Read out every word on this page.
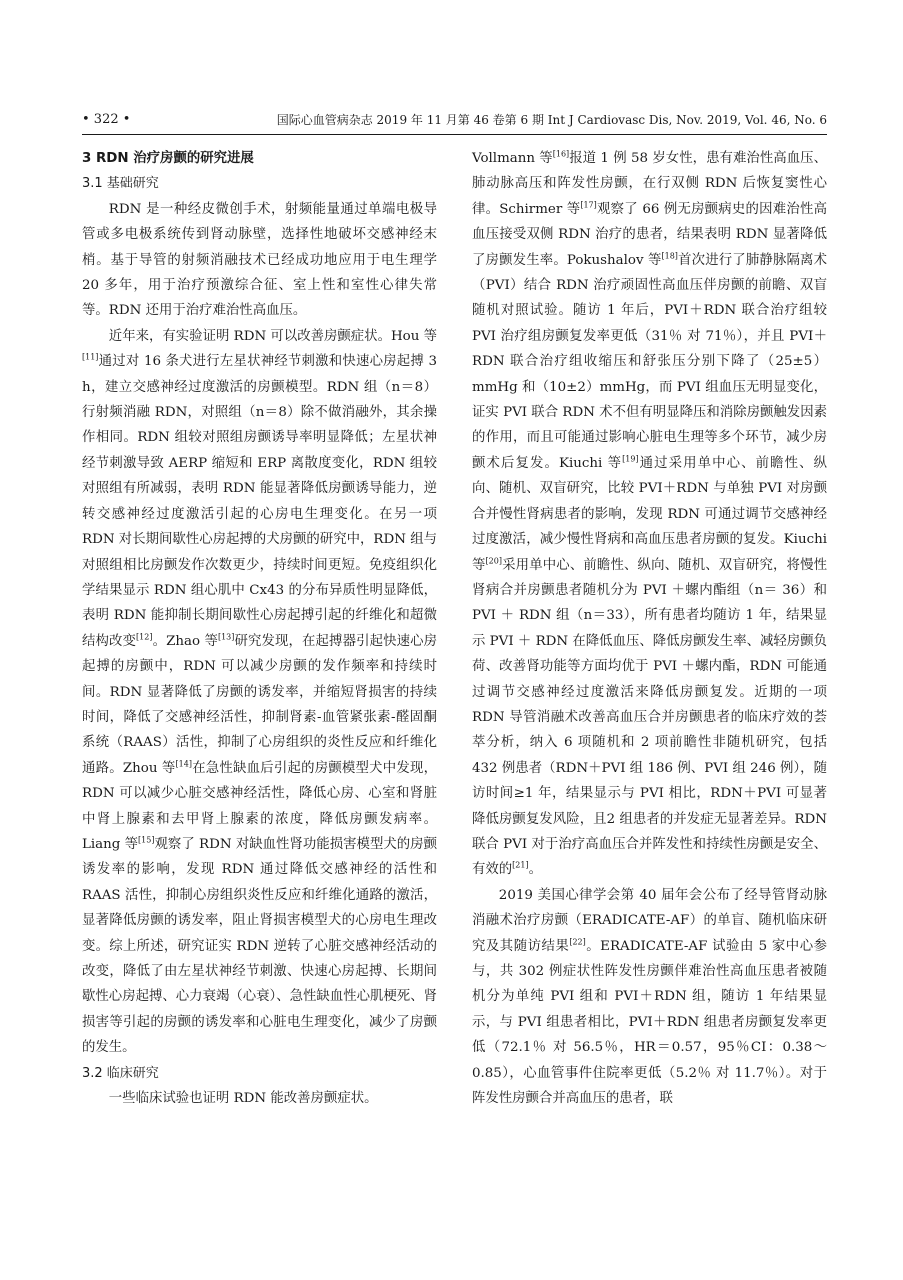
• 322 •	国际心血管病杂志 2019 年 11 月第 46 卷第 6 期 Int J Cardiovasc Dis, Nov. 2019, Vol. 46, No. 6
3 RDN 治疗房颤的研究进展
3.1 基础研究

RDN 是一种经皮微创手术，射频能量通过单端电极导管或多电极系统传到肾动脉壁，选择性地破坏交感神经末梢。基于导管的射频消融技术已经成功地应用于电生理学 20 多年，用于治疗预激综合征、室上性和室性心律失常等。RDN 还用于治疗难治性高血压。

近年来，有实验证明 RDN 可以改善房颤症状。Hou 等[11]通过对 16 条犬进行左星状神经节刺激和快速心房起搏 3 h，建立交感神经过度激活的房颤模型。RDN 组（n＝8）行射频消融 RDN，对照组（n＝8）除不做消融外，其余操作相同。RDN 组较对照组房颤诱导率明显降低；左星状神经节刺激导致 AERP 缩短和 ERP 离散度变化，RDN 组较对照组有所减弱，表明 RDN 能显著降低房颤诱导能力，逆转交感神经过度激活引起的心房电生理变化。在另一项 RDN 对长期间歇性心房起搏的犬房颤的研究中，RDN 组与对照组相比房颤发作次数更少，持续时间更短。免疫组织化学结果显示 RDN 组心肌中 Cx43 的分布异质性明显降低，表明 RDN 能抑制长期间歇性心房起搏引起的纤维化和超微结构改变[12]。Zhao 等[13]研究发现，在起搏器引起快速心房起搏的房颤中，RDN 可以减少房颤的发作频率和持续时间。RDN 显著降低了房颤的诱发率，并缩短肾损害的持续时间，降低了交感神经活性，抑制肾素-血管紧张素-醛固酮系统（RAAS）活性，抑制了心房组织的炎性反应和纤维化通路。Zhou 等[14]在急性缺血后引起的房颤模型犬中发现，RDN 可以减少心脏交感神经活性，降低心房、心室和肾脏中肾上腺素和去甲肾上腺素的浓度，降低房颤发病率。Liang 等[15]观察了 RDN 对缺血性肾功能损害模型犬的房颤诱发率的影响，发现 RDN 通过降低交感神经的活性和 RAAS 活性，抑制心房组织炎性反应和纤维化通路的激活，显著降低房颤的诱发率，阻止肾损害模型犬的心房电生理改变。综上所述，研究证实 RDN 逆转了心脏交感神经活动的改变，降低了由左星状神经节刺激、快速心房起搏、长期间歇性心房起搏、心力衰竭（心衰）、急性缺血性心肌梗死、肾损害等引起的房颤的诱发率和心脏电生理变化，减少了房颤的发生。

3.2 临床研究

一些临床试验也证明 RDN 能改善房颤症状。

Vollmann 等[16]报道 1 例 58 岁女性，患有难治性高血压、肺动脉高压和阵发性房颤，在行双侧 RDN 后恢复窦性心律。Schirmer 等[17]观察了 66 例无房颤病史的因难治性高血压接受双侧 RDN 治疗的患者，结果表明 RDN 显著降低了房颤发生率。Pokushalov 等[18]首次进行了肺静脉隔离术（PVI）结合 RDN 治疗顽固性高血压伴房颤的前瞻、双盲随机对照试验。随访 1 年后，PVI＋RDN 联合治疗组较 PVI 治疗组房颤复发率更低（31％ 对 71％），并且 PVI＋RDN 联合治疗组收缩压和舒张压分别下降了（25±5）mmHg 和（10±2）mmHg，而 PVI 组血压无明显变化，证实 PVI 联合 RDN 术不但有明显降压和消除房颤触发因素的作用，而且可能通过影响心脏电生理等多个环节，减少房颤术后复发。Kiuchi 等[19]通过采用单中心、前瞻性、纵向、随机、双盲研究，比较 PVI＋RDN 与单独 PVI 对房颤合并慢性肾病患者的影响，发现 RDN 可通过调节交感神经过度激活，减少慢性肾病和高血压患者房颤的复发。Kiuchi 等[20]采用单中心、前瞻性、纵向、随机、双盲研究，将慢性肾病合并房颤患者随机分为 PVI ＋螺内酯组（n＝ 36）和 PVI ＋ RDN 组（n＝33），所有患者均随访 1 年，结果显示 PVI ＋ RDN 在降低血压、降低房颤发生率、减轻房颤负荷、改善肾功能等方面均优于 PVI ＋螺内酯，RDN 可能通过调节交感神经过度激活来降低房颤复发。近期的一项 RDN 导管消融术改善高血压合并房颤患者的临床疗效的荟萃分析，纳入 6 项随机和 2 项前瞻性非随机研究，包括 432 例患者（RDN＋PVI 组 186 例、PVI 组 246 例），随访时间≥1 年，结果显示与 PVI 相比，RDN＋PVI 可显著降低房颤复发风险，且2 组患者的并发症无显著差异。RDN 联合 PVI 对于治疗高血压合并阵发性和持续性房颤是安全、有效的[21]。

2019 美国心律学会第 40 届年会公布了经导管肾动脉消融术治疗房颤（ERADICATE-AF）的单盲、随机临床研究及其随访结果[22]。ERADICATE-AF 试验由 5 家中心参与，共 302 例症状性阵发性房颤伴难治性高血压患者被随机分为单纯 PVI 组和 PVI＋RDN 组，随访 1 年结果显示，与 PVI 组患者相比，PVI＋RDN 组患者房颤复发率更低（72.1％ 对 56.5％，HR＝0.57，95％CI：0.38～0.85），心血管事件住院率更低（5.2％ 对 11.7％）。对于阵发性房颤合并高血压的患者，联
